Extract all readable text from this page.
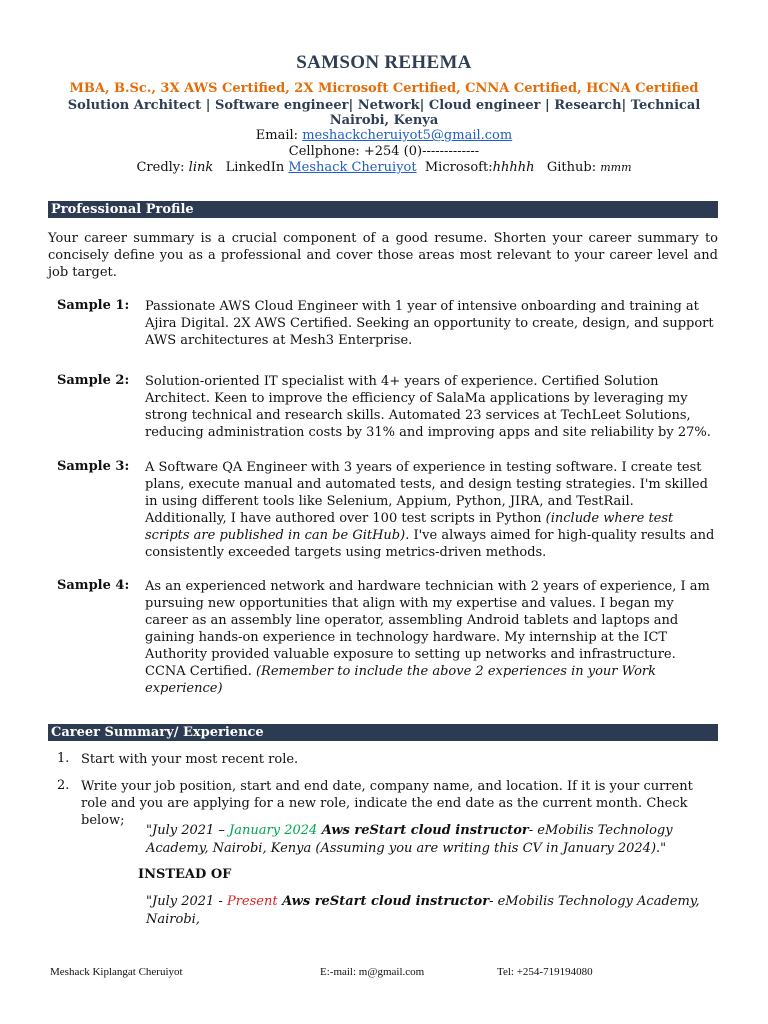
SAMSON REHEMA
MBA, B.Sc., 3X AWS Certified, 2X Microsoft Certified, CNNA Certified, HCNA Certified
Solution Architect | Software engineer| Network| Cloud engineer | Research| Technical
Nairobi, Kenya
Email: meshackcheruiyot5@gmail.com
Cellphone: +254 (0)-------------
Credly: link LinkedIn Meshack Cheruiyot Microsoft:hhhhh Github: mmm
Professional Profile
Your career summary is a crucial component of a good resume. Shorten your career summary to concisely define you as a professional and cover those areas most relevant to your career level and job target.
Sample 1: Passionate AWS Cloud Engineer with 1 year of intensive onboarding and training at Ajira Digital. 2X AWS Certified. Seeking an opportunity to create, design, and support AWS architectures at Mesh3 Enterprise.
Sample 2: Solution-oriented IT specialist with 4+ years of experience. Certified Solution Architect. Keen to improve the efficiency of SalaMa applications by leveraging my strong technical and research skills. Automated 23 services at TechLeet Solutions, reducing administration costs by 31% and improving apps and site reliability by 27%.
Sample 3: A Software QA Engineer with 3 years of experience in testing software. I create test plans, execute manual and automated tests, and design testing strategies. I'm skilled in using different tools like Selenium, Appium, Python, JIRA, and TestRail. Additionally, I have authored over 100 test scripts in Python (include where test scripts are published in can be GitHub). I've always aimed for high-quality results and consistently exceeded targets using metrics-driven methods.
Sample 4: As an experienced network and hardware technician with 2 years of experience, I am pursuing new opportunities that align with my expertise and values. I began my career as an assembly line operator, assembling Android tablets and laptops and gaining hands-on experience in technology hardware. My internship at the ICT Authority provided valuable exposure to setting up networks and infrastructure. CCNA Certified. (Remember to include the above 2 experiences in your Work experience)
Career Summary/ Experience
1. Start with your most recent role.
2. Write your job position, start and end date, company name, and location. If it is your current role and you are applying for a new role, indicate the end date as the current month. Check below;
"July 2021 – January 2024 Aws reStart cloud instructor- eMobilis Technology Academy, Nairobi, Kenya (Assuming you are writing this CV in January 2024)."
INSTEAD OF
"July 2021 - Present Aws reStart cloud instructor- eMobilis Technology Academy, Nairobi,
Meshack Kiplangat Cheruiyot	E:-mail: m@gmail.com	Tel: +254-719194080
